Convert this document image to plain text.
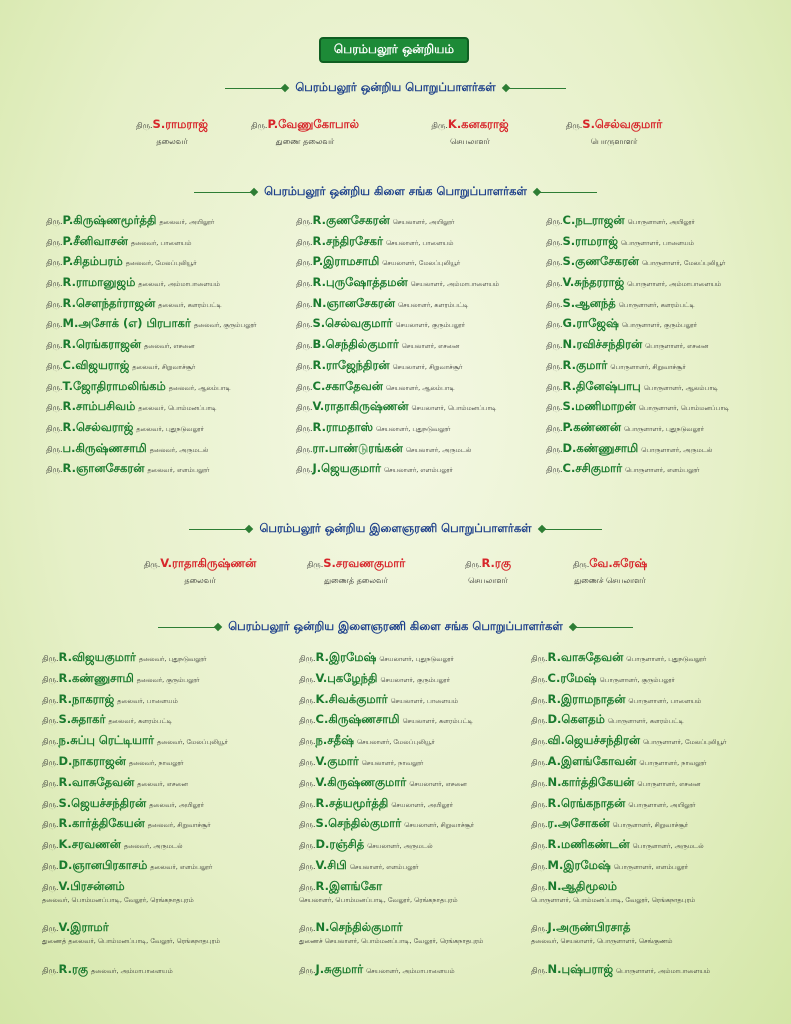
பெரம்பலூர் ஒன்றியம்
பெரம்பலூர் ஒன்றிய பொறுப்பாளர்கள்
திரு.S.ராமராஜ்
தலைவர்
திரு.P.வேணுகோபால்
துணை தலைவர்
திரு.K.கனகராஜ்
செயலாளர்
திரு.S.செல்வகுமார்
பொருளாளர்
பெரம்பலூர் ஒன்றிய கிளை சங்க பொறுப்பாளர்கள்
திரு.P.கிருஷ்ணமூர்த்தி தலைவர், அயிலூர்
திரு.P.சீனிவாசன் தலைவர், பாளையம்
திரு.P.சிதம்பரம் தலைவர், மேலப்புலியூர்
திரு.R.ராமானுஜம் தலைவர், அம்மாபாளையம்
திரு.R.சௌந்தர்ராஜன் தலைவர், களரம்பட்டி
திரு.M.அசோக் (எ) பிரபாகர் தலைவர், குரும்பலூர்
திரு.R.ரெங்கராஜன் தலைவர், எசனை
திரு.C.விஜயராஜ் தலைவர், சிறுவாச்சூர்
திரு.T.ஜோதிராமலிங்கம் தலைவர், ஆலம்பாடி
திரு.R.சாம்பசிவம் தலைவர், பொம்மனப்பாடி
திரு.R.செல்வராஜ் தலைவர், புதுநடுவலூர்
திரு.ப.கிருஷ்ணசாமி தலைவர், அருமடல்
திரு.R.ஞானசேகரன் தலைவர், எளம்பலூர்
திரு.R.குணசேகரன் செயலாளர், அயிலூர்
திரு.R.சந்திரசேகர் செயலாளர், பாளையம்
திரு.P.இராமசாமி செயலாளர், மேலப்புலியூர்
திரு.R.புருஷோத்தமன் செயலாளர், அம்மாபாளையம்
திரு.N.ஞானசேகரன் செயலாளர், களரம்பட்டி
திரு.S.செல்வகுமார் செயலாளர், குரும்பலூர்
திரு.B.செந்தில்குமார் செயலாளர், எசனை
திரு.R.ராஜேந்திரன் செயலாளர், சிறுவாச்சூர்
திரு.C.சகாதேவன் செயலாளர், ஆலம்பாடி
திரு.V.ராதாகிருஷ்ணன் செயலாளர், பொம்மனப்பாடி
திரு.R.ராமதாஸ் செயலாளர், புதுநடுவலூர்
திரு.ரா.பாண்டுரங்கன் செயலாளர், அருமடல்
திரு.J.ஜெயகுமார் செயலாளர், எளம்பலூர்
திரு.C.நடராஜன் பொருளாளர், அயிலூர்
திரு.S.ராமராஜ் பொருளாளர், பாளையம்
திரு.S.குணசேகரன் பொருளாளர், மேலப்புலியூர்
திரு.V.சுந்தரராஜ் பொருளாளர், அம்மாபாளையம்
திரு.S.ஆனந்த் பொருளாளர், களரம்பட்டி
திரு.G.ராஜேஷ் பொருளாளர், குரும்பலூர்
திரு.N.ரவிச்சந்திரன் பொருளாளர், எசனை
திரு.R.குமார் பொருளாளர், சிறுவாச்சூர்
திரு.R.தினேஷ்பாபு பொருளாளர், ஆலம்பாடி
திரு.S.மணிமாறன் பொருளாளர், பொம்மனப்பாடி
திரு.P.கண்ணன் பொருளாளர், புதுநடுவலூர்
திரு.D.கண்ணுசாமி பொருளாளர், அருமடல்
திரு.C.சசிகுமார் பொருளாளர், எளம்பலூர்
பெரம்பலூர் ஒன்றிய இளைஞரணி பொறுப்பாளர்கள்
திரு.V.ராதாகிருஷ்ணன்
தலைவர்
திரு.S.சரவணகுமார்
துணைத் தலைவர்
திரு.R.ரகு
செயலாளர்
திரு.வே.சுரேஷ்
துணைச் செயலாளர்
பெரம்பலூர் ஒன்றிய இளைஞரணி கிளை சங்க பொறுப்பாளர்கள்
திரு.R.விஜயகுமார் தலைவர், புதுநடுவலூர்
திரு.R.கண்ணுசாமி தலைவர், குரும்பலூர்
திரு.R.நாகராஜ் தலைவர், பாளையம்
திரு.S.சுதாகர் தலைவர், களரம்பட்டி
திரு.ந.சுப்பு ரெட்டியார் தலைவர், மேலப்புலியூர்
திரு.D.நாகராஜன் தலைவர், நாவலூர்
திரு.R.வாசுதேவன் தலைவர், எசனை
திரு.S.ஜெயச்சந்திரன் தலைவர், அயிலூர்
திரு.R.கார்த்திகேயன் தலைவர், சிறுவாச்சூர்
திரு.K.சரவணன் தலைவர், அருமடல்
திரு.D.ஞானபிரகாசம் தலைவர், எளம்பலூர்
திரு.V.பிரசன்னம்
தலைவர், பொம்மனப்பாடி, வேலூர், ரெங்கநாதபுரம்
திரு.V.இராமர்
துணைத் தலைவர், பொம்மனப்பாடி, வேலூர், ரெங்கநாதபுரம்
திரு.R.ரகு தலைவர், அம்மாபாளையம்
திரு.R.இரமேஷ் செயலாளர், புதுநடுவலூர்
திரு.V.புகழேந்தி செயலாளர், குரும்பலூர்
திரு.K.சிவக்குமார் செயலாளர், பாளையம்
திரு.C.கிருஷ்ணசாமி செயலாளர், களரம்பட்டி
திரு.ந.சதீஷ் செயலாளர், மேலப்புலியூர்
திரு.V.குமார் செயலாளர், நாவலூர்
திரு.V.கிருஷ்ணகுமார் செயலாளர், எசனை
திரு.R.சத்யமூர்த்தி செயலாளர், அயிலூர்
திரு.S.செந்தில்குமார் செயலாளர், சிறுவாச்சூர்
திரு.D.ரஞ்சித் செயலாளர், அருமடல்
திரு.V.சிபி செயலாளர், எளம்பலூர்
திரு.R.இளங்கோ
செயலாளர், பொம்மனப்பாடி, வேலூர், ரெங்கநாதபுரம்
திரு.N.செந்தில்குமார்
துணைச் செயலாளர், பொம்மனப்பாடி, வேலூர், ரெங்கநாதபுரம்
திரு.J.சுகுமார் செயலாளர், அம்மாபாளையம்
திரு.R.வாசுதேவன் பொருளாளர், புதுநடுவலூர்
திரு.C.ரமேஷ் பொருளாளர், குரும்பலூர்
திரு.R.இராமநாதன் பொருளாளர், பாளையம்
திரு.D.கௌதம் பொருளாளர், களரம்பட்டி
திரு.வி.ஜெயச்சந்திரன் பொருளாளர், மேலப்புலியூர்
திரு.A.இளங்கோவன் பொருளாளர், நாவலூர்
திரு.N.கார்த்திகேயன் பொருளாளர், எசனை
திரு.R.ரெங்கநாதன் பொருளாளர், அயிலூர்
திரு.ர.அசோகன் பொருளாளர், சிறுவாச்சூர்
திரு.R.மணிகண்டன் பொருளாளர், அருமடல்
திரு.M.இரமேஷ் பொருளாளர், எளம்பலூர்
திரு.N.ஆதிமூலம்
பொருளாளர், பொம்மனப்பாடி, வேலூர், ரெங்கநாதபுரம்
திரு.J.அருண்பிரசாத்
தலைவர், செயலாளர், பொருளாளர், செங்குணம்
திரு.N.புஷ்பராஜ் பொருளாளர், அம்மாபாளையம்
